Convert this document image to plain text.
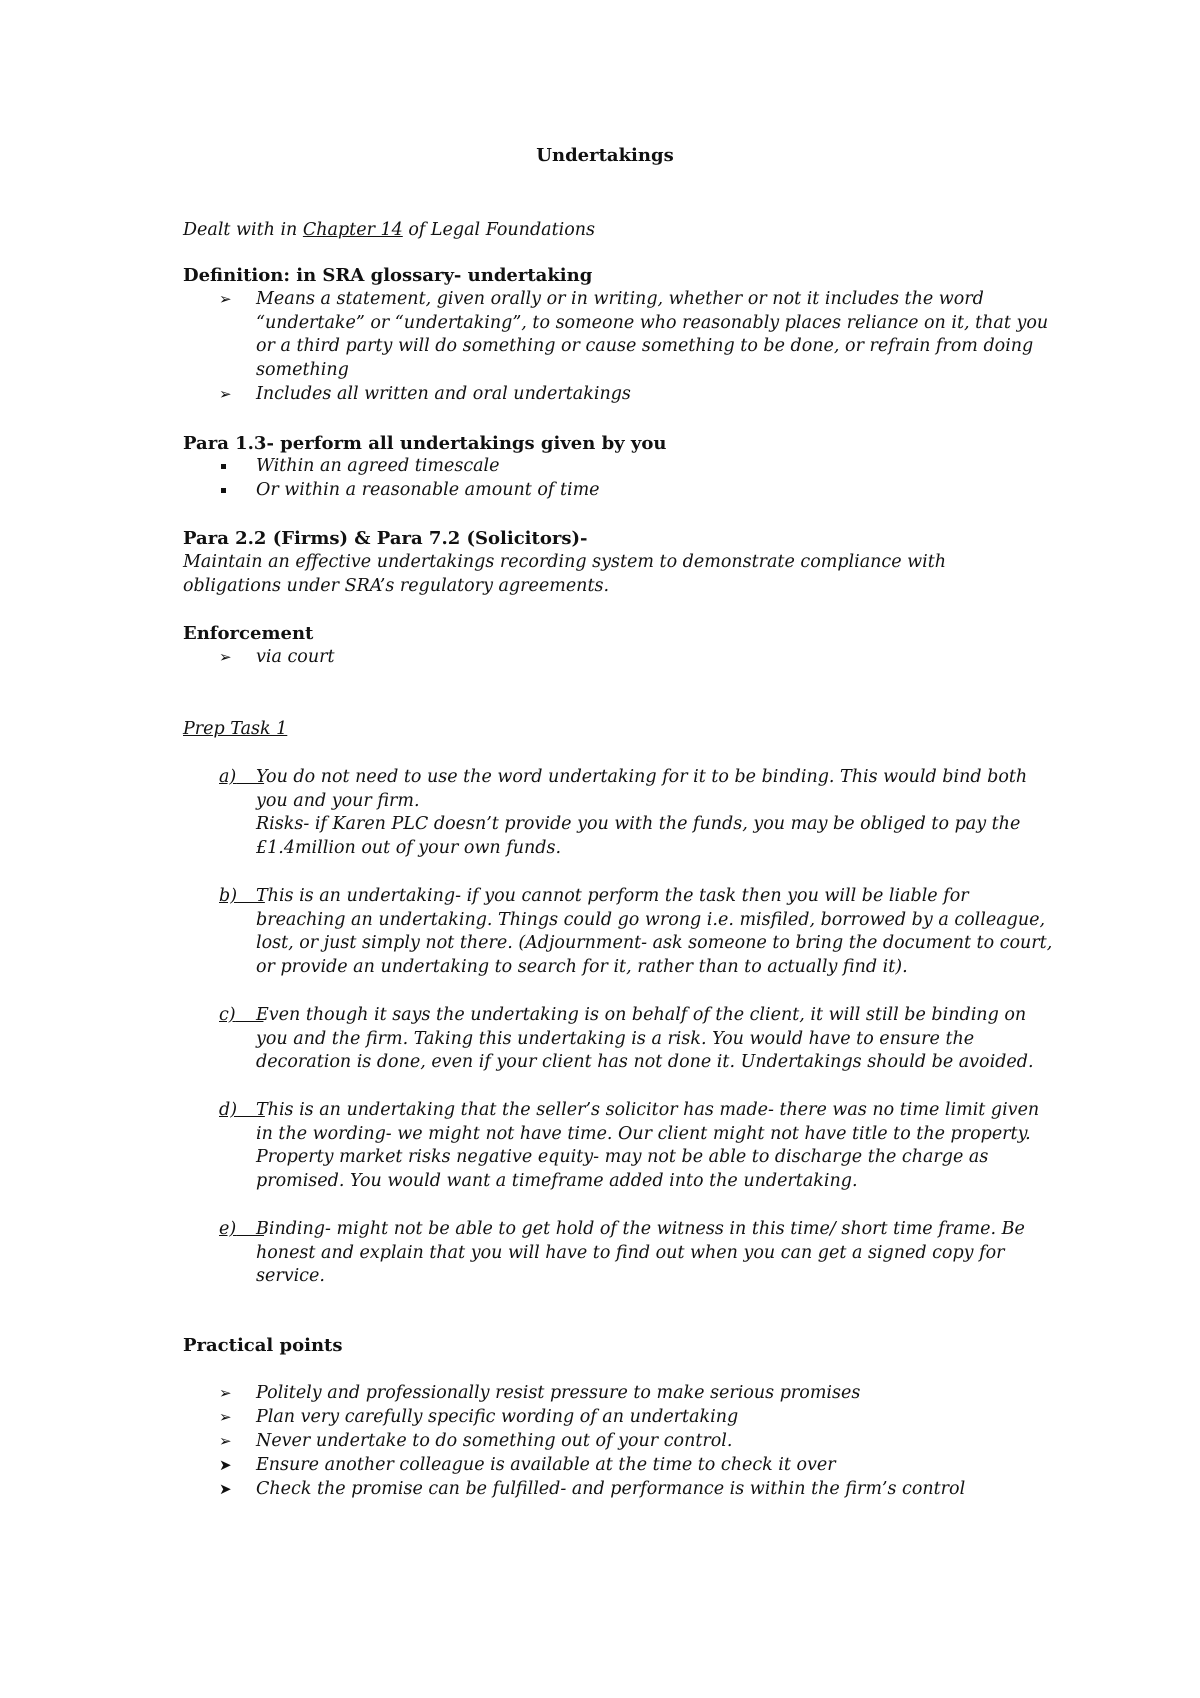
Undertakings
Dealt with in Chapter 14 of Legal Foundations
Definition: in SRA glossary- undertaking
➢ Means a statement, given orally or in writing, whether or not it includes the word “undertake” or “undertaking”, to someone who reasonably places reliance on it, that you or a third party will do something or cause something to be done, or refrain from doing something
➢ Includes all written and oral undertakings
Para 1.3- perform all undertakings given by you
Within an agreed timescale
Or within a reasonable amount of time
Para 2.2 (Firms) & Para 7.2 (Solicitors)-
Maintain an effective undertakings recording system to demonstrate compliance with obligations under SRA’s regulatory agreements.
Enforcement
➢ via court
Prep Task 1
a)	You do not need to use the word undertaking for it to be binding. This would bind both you and your firm.
Risks- if Karen PLC doesn’t provide you with the funds, you may be obliged to pay the £1.4million out of your own funds.
b)	This is an undertaking- if you cannot perform the task then you will be liable for breaching an undertaking. Things could go wrong i.e. misfiled, borrowed by a colleague, lost, or just simply not there. (Adjournment- ask someone to bring the document to court, or provide an undertaking to search for it, rather than to actually find it).
c)	Even though it says the undertaking is on behalf of the client, it will still be binding on you and the firm. Taking this undertaking is a risk. You would have to ensure the decoration is done, even if your client has not done it. Undertakings should be avoided.
d)	This is an undertaking that the seller’s solicitor has made- there was no time limit given in the wording- we might not have time. Our client might not have title to the property. Property market risks negative equity- may not be able to discharge the charge as promised. You would want a timeframe added into the undertaking.
e)	Binding- might not be able to get hold of the witness in this time/ short time frame. Be honest and explain that you will have to find out when you can get a signed copy for service.
Practical points
➢ Politely and professionally resist pressure to make serious promises
➢ Plan very carefully specific wording of an undertaking
➢ Never undertake to do something out of your control.
➤ Ensure another colleague is available at the time to check it over
➤ Check the promise can be fulfilled- and performance is within the firm’s control
